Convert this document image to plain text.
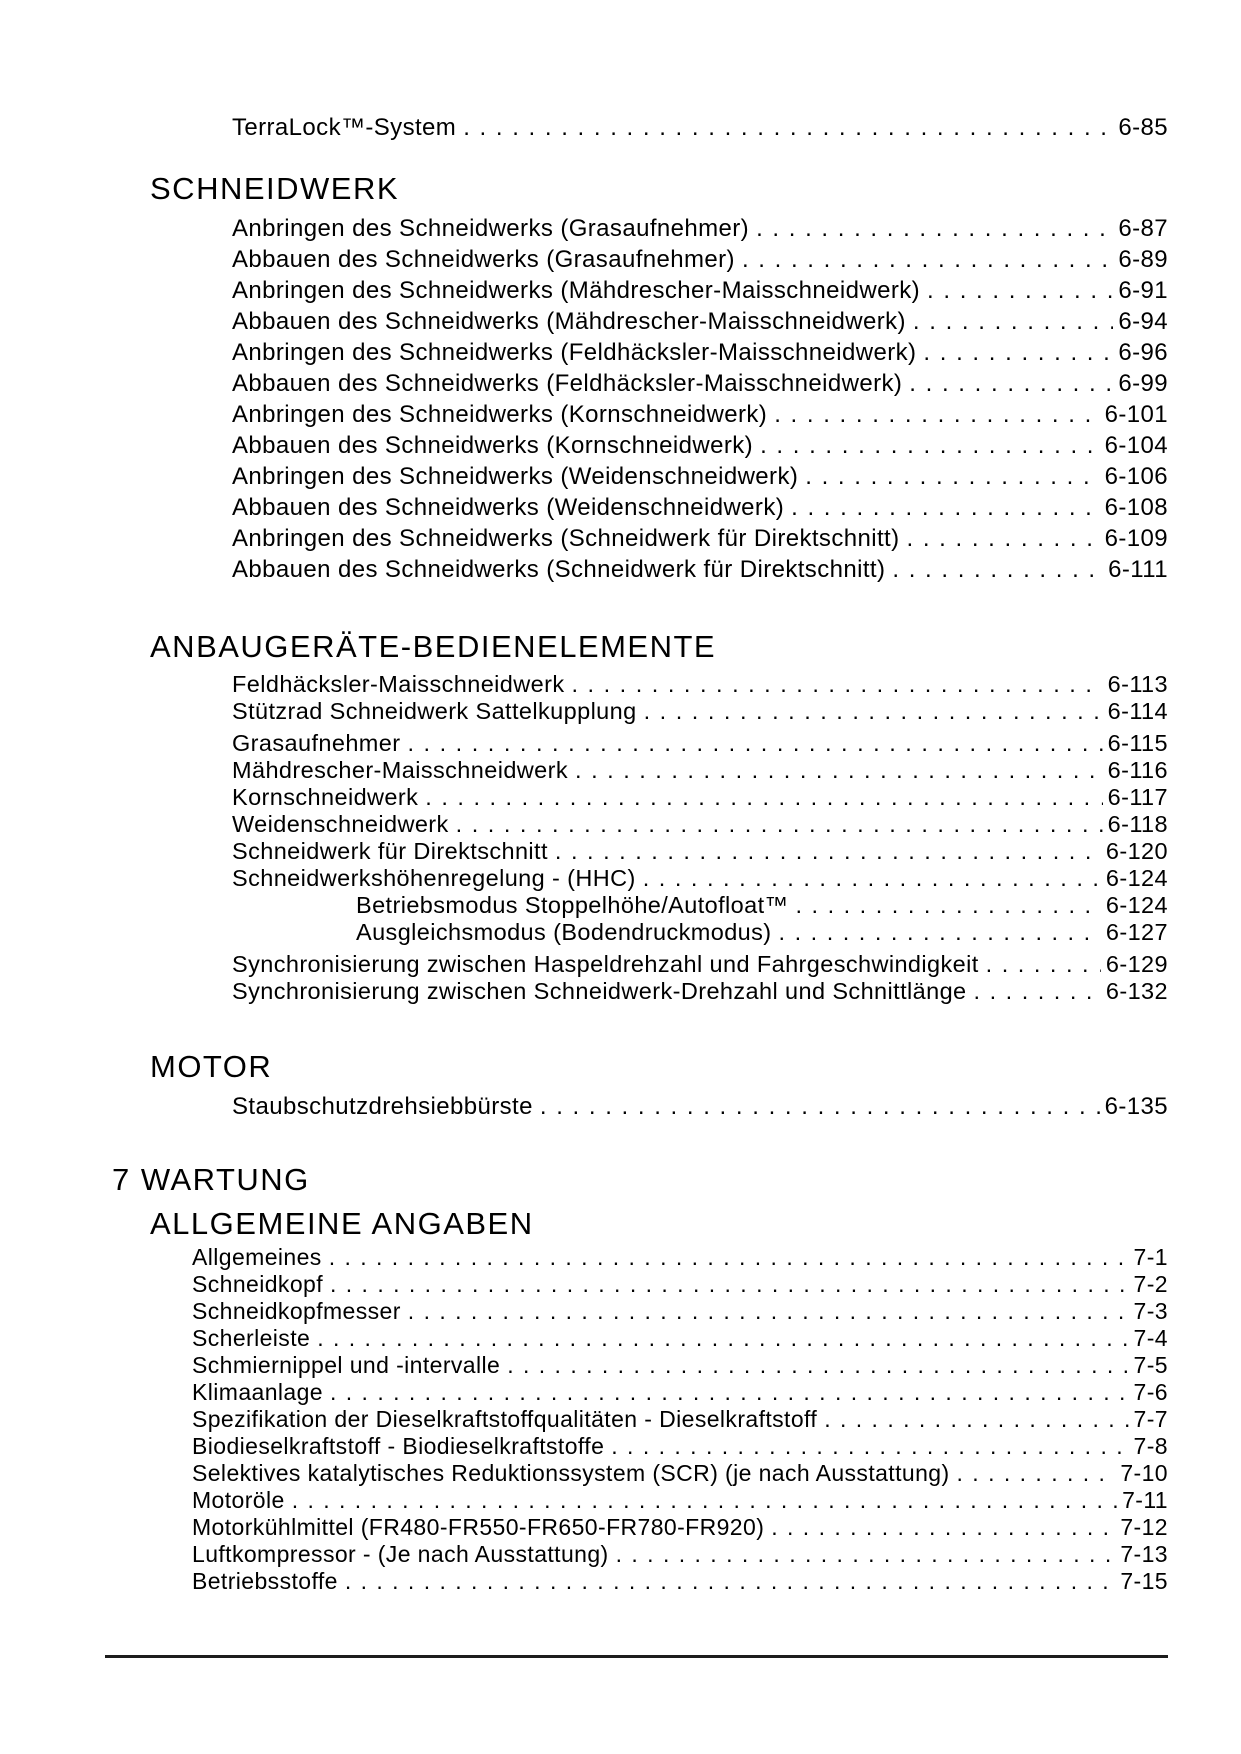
TerraLock™-System . . .	6-85
SCHNEIDWERK
Anbringen des Schneidwerks (Grasaufnehmer) . . .	6-87
Abbauen des Schneidwerks (Grasaufnehmer) . . .	6-89
Anbringen des Schneidwerks (Mähdrescher-Maisschneidwerk) . . .	6-91
Abbauen des Schneidwerks (Mähdrescher-Maisschneidwerk) . . .	6-94
Anbringen des Schneidwerks (Feldhäcksler-Maisschneidwerk) . . .	6-96
Abbauen des Schneidwerks (Feldhäcksler-Maisschneidwerk) . . .	6-99
Anbringen des Schneidwerks (Kornschneidwerk) . . .	6-101
Abbauen des Schneidwerks (Kornschneidwerk) . . .	6-104
Anbringen des Schneidwerks (Weidenschneidwerk) . . .	6-106
Abbauen des Schneidwerks (Weidenschneidwerk) . . .	6-108
Anbringen des Schneidwerks (Schneidwerk für Direktschnitt) . . .	6-109
Abbauen des Schneidwerks (Schneidwerk für Direktschnitt) . . .	6-111
ANBAUGERÄTE-BEDIENELEMENTE
Feldhäcksler-Maisschneidwerk . . .	6-113
Stützrad Schneidwerk Sattelkupplung . . .	6-114
Grasaufnehmer . . .	6-115
Mähdrescher-Maisschneidwerk . . .	6-116
Kornschneidwerk . . .	6-117
Weidenschneidwerk . . .	6-118
Schneidwerk für Direktschnitt . . .	6-120
Schneidwerkshöhenregelung - (HHC) . . .	6-124
Betriebsmodus Stoppelhöhe/Autofloat™ . . .	6-124
Ausgleichsmodus (Bodendruckmodus) . . .	6-127
Synchronisierung zwischen Haspeldrehzahl und Fahrgeschwindigkeit . . .	6-129
Synchronisierung zwischen Schneidwerk-Drehzahl und Schnittlänge . . .	6-132
MOTOR
Staubschutzdrehsiebbürste . . .	6-135
7 WARTUNG
ALLGEMEINE ANGABEN
Allgemeines . . .	7-1
Schneidkopf . . .	7-2
Schneidkopfmesser . . .	7-3
Scherleiste . . .	7-4
Schmiernippel und -intervalle . . .	7-5
Klimaanlage . . .	7-6
Spezifikation der Dieselkraftstoffqualitäten - Dieselkraftstoff . . .	7-7
Biodieselkraftstoff - Biodieselkraftstoffe . . .	7-8
Selektives katalytisches Reduktionssystem (SCR) (je nach Ausstattung) . . .	7-10
Motoröle . . .	7-11
Motorkühlmittel (FR480-FR550-FR650-FR780-FR920) . . .	7-12
Luftkompressor - (Je nach Ausstattung) . . .	7-13
Betriebsstoffe . . .	7-15
